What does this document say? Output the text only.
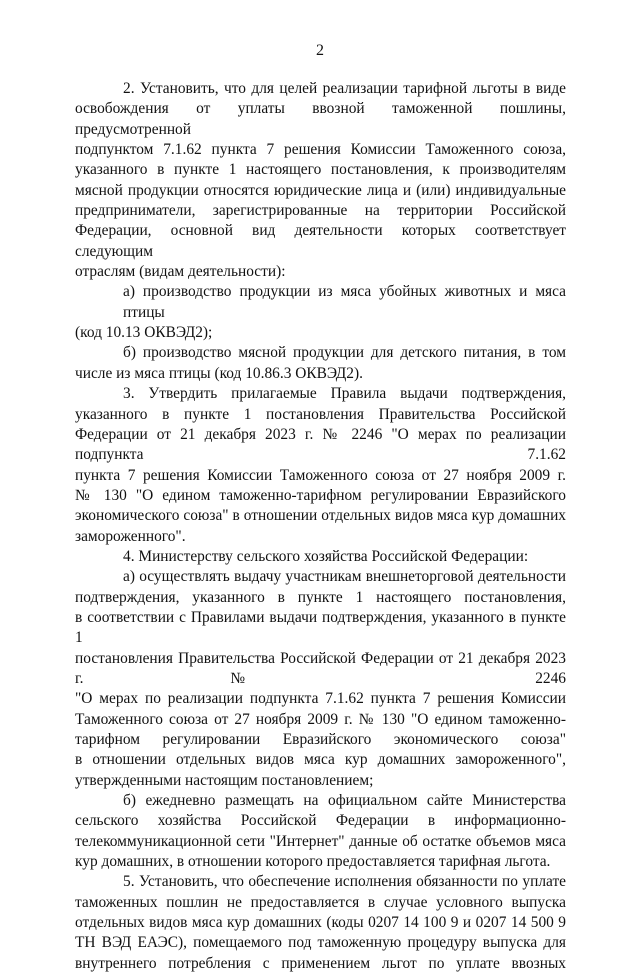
2
2. Установить, что для целей реализации тарифной льготы в виде
освобождения от уплаты ввозной таможенной пошлины, предусмотренной
подпунктом 7.1.62 пункта 7 решения Комиссии Таможенного союза,
указанного в пункте 1 настоящего постановления, к производителям
мясной продукции относятся юридические лица и (или) индивидуальные
предприниматели, зарегистрированные на территории Российской
Федерации, основной вид деятельности которых соответствует следующим
отраслям (видам деятельности):
а) производство продукции из мяса убойных животных и мяса птицы
(код 10.13 ОКВЭД2);
б) производство мясной продукции для детского питания, в том
числе из мяса птицы (код 10.86.3 ОКВЭД2).
3. Утвердить прилагаемые Правила выдачи подтверждения,
указанного в пункте 1 постановления Правительства Российской
Федерации от 21 декабря 2023 г. № 2246 "О мерах по реализации подпункта 7.1.62
пункта 7 решения Комиссии Таможенного союза от 27 ноября 2009 г.
№ 130 "О едином таможенно-тарифном регулировании Евразийского
экономического союза" в отношении отдельных видов мяса кур домашних
замороженного".
4. Министерству сельского хозяйства Российской Федерации:
а) осуществлять выдачу участникам внешнеторговой деятельности
подтверждения, указанного в пункте 1 настоящего постановления,
в соответствии с Правилами выдачи подтверждения, указанного в пункте 1
постановления Правительства Российской Федерации от 21 декабря 2023 г. № 2246
"О мерах по реализации подпункта 7.1.62 пункта 7 решения Комиссии
Таможенного союза от 27 ноября 2009 г. № 130 "О едином таможенно-
тарифном регулировании Евразийского экономического союза"
в отношении отдельных видов мяса кур домашних замороженного",
утвержденными настоящим постановлением;
б) ежедневно размещать на официальном сайте Министерства
сельского хозяйства Российской Федерации в информационно-
телекоммуникационной сети "Интернет" данные об остатке объемов мяса
кур домашних, в отношении которого предоставляется тарифная льгота.
5. Установить, что обеспечение исполнения обязанности по уплате
таможенных пошлин не предоставляется в случае условного выпуска
отдельных видов мяса кур домашних (коды 0207 14 100 9 и 0207 14 500 9
ТН ВЭД ЕАЭС), помещаемого под таможенную процедуру выпуска для
внутреннего потребления с применением льгот по уплате ввозных
